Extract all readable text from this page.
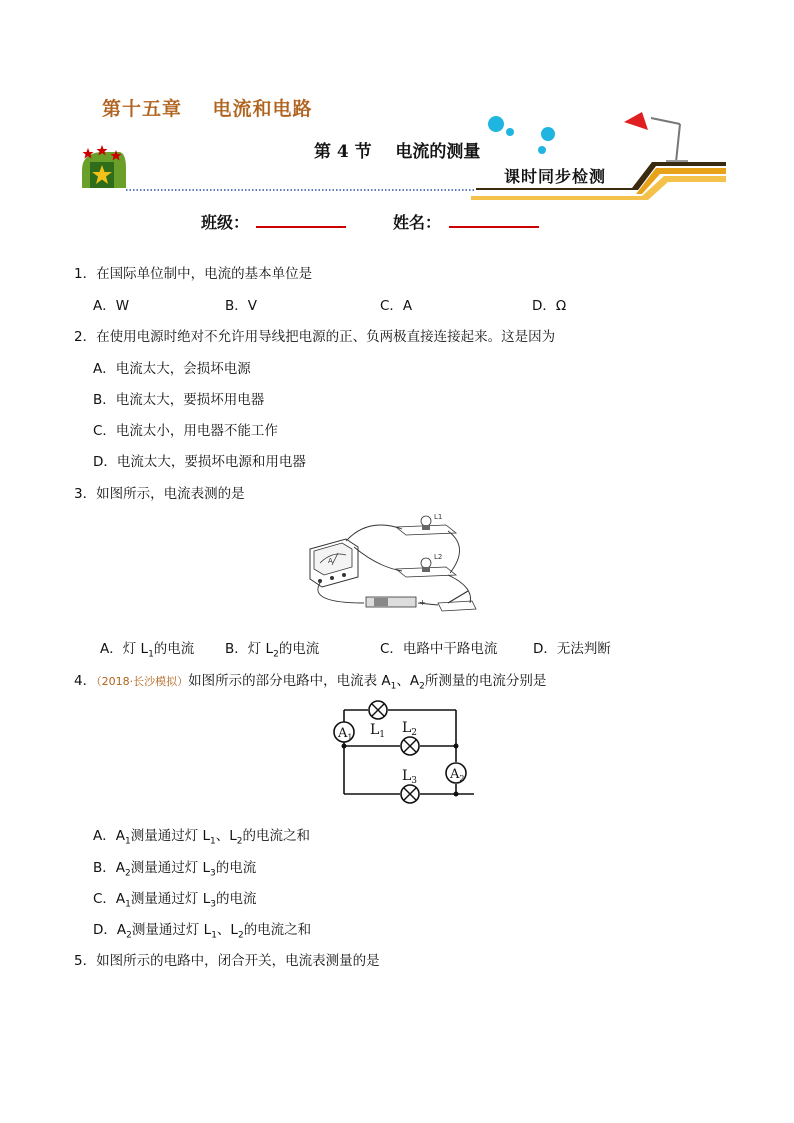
第十五章    电流和电路
第 4 节    电流的测量
课时同步检测
班级：	姓名：
1．在国际单位制中，电流的基本单位是
A．W	B．V	C．A	D．Ω
2．在使用电源时绝对不允许用导线把电源的正、负两极直接连接起来。这是因为
A．电流太大，会损坏电源
B．电流太大，要损坏用电器
C．电流太小，用电器不能工作
D．电流太大，要损坏电源和用电器
3．如图所示，电流表测的是
A
L1
L2
-	+
A．灯 $L_1$的电流 B．灯 $L_2$的电流	C．电路中干路电流	D．无法判断
4．（2018·长沙模拟）如图所示的部分电路中，电流表 $A_1$、$A_2$所测量的电流分别是
$A_1$ $L_1$ $L_2$
$L_3$	$A_2$
A．$A_1$测量通过灯 $L_1$、$L_2$的电流之和
B．$A_2$测量通过灯 $L_3$的电流
C．$A_1$测量通过灯 $L_3$的电流
D．$A_2$测量通过灯 $L_1$、$L_2$的电流之和
5．如图所示的电路中，闭合开关，电流表测量的是
